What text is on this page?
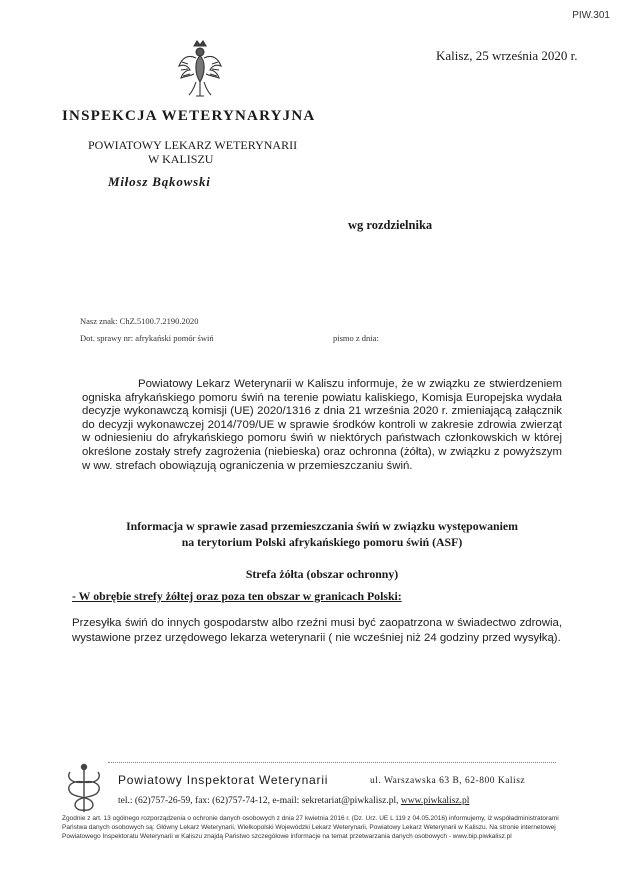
PIW.301
Kalisz, 25 września 2020 r.
INSPEKCJA WETERYNARYJNA
POWIATOWY LEKARZ WETERYNARII
W KALISZU
Miłosz Bąkowski
wg rozdzielnika
Nasz znak: ChZ.5100.7.2190.2020
Dot. sprawy nr: afrykański pomór świń	pismo z dnia:
Powiatowy Lekarz Weterynarii w Kaliszu informuje, że w związku ze stwierdzeniem ogniska afrykańskiego pomoru świń na terenie powiatu kaliskiego, Komisja Europejska wydała decyzje wykonawczą komisji (UE) 2020/1316 z dnia 21 września 2020 r. zmieniającą załącznik do decyzji wykonawczej 2014/709/UE w sprawie środków kontroli w zakresie zdrowia zwierząt w odniesieniu do afrykańskiego pomoru świń w niektórych państwach członkowskich w której określone zostały strefy zagrożenia (niebieska) oraz ochronna (żółta), w związku z powyższym w ww. strefach obowiązują ograniczenia w przemieszczaniu świń.
Informacja w sprawie zasad przemieszczania świń w związku występowaniem
na terytorium Polski afrykańskiego pomoru świń (ASF)
Strefa żółta (obszar ochronny)
- W obrębie strefy żółtej oraz poza ten obszar w granicach Polski:
Przesyłka świń do innych gospodarstw albo rzeźni musi być zaopatrzona w świadectwo zdrowia, wystawione przez urzędowego lekarza weterynarii ( nie wcześniej niż 24 godziny przed wysyłką).
Powiatowy Inspektorat Weterynarii	ul. Warszawska 63 B, 62-800 Kalisz
tel.: (62)757-26-59, fax: (62)757-74-12, e-mail: sekretariat@piwkalisz.pl, www.piwkalisz.pl
Zgodnie z art. 13 ogólnego rozporządzenia o ochronie danych osobowych z dnia 27 kwietnia 2016 r. (Dz. Urz. UE L 119 z 04.05.2016) informujemy, iż współadministratorami Państwa danych osobowych są: Główny Lekarz Weterynarii, Wielkopolski Wojewódzki Lekarz Weterynarii, Powiatowy Lekarz Weterynarii w Kaliszu. Na stronie internetowej Powiatowego Inspektoratu Weterynarii w Kaliszu znajdą Państwo szczegółowe informacje na temat przetwarzania danych osobowych - www.bip.piwkalisz.pl
